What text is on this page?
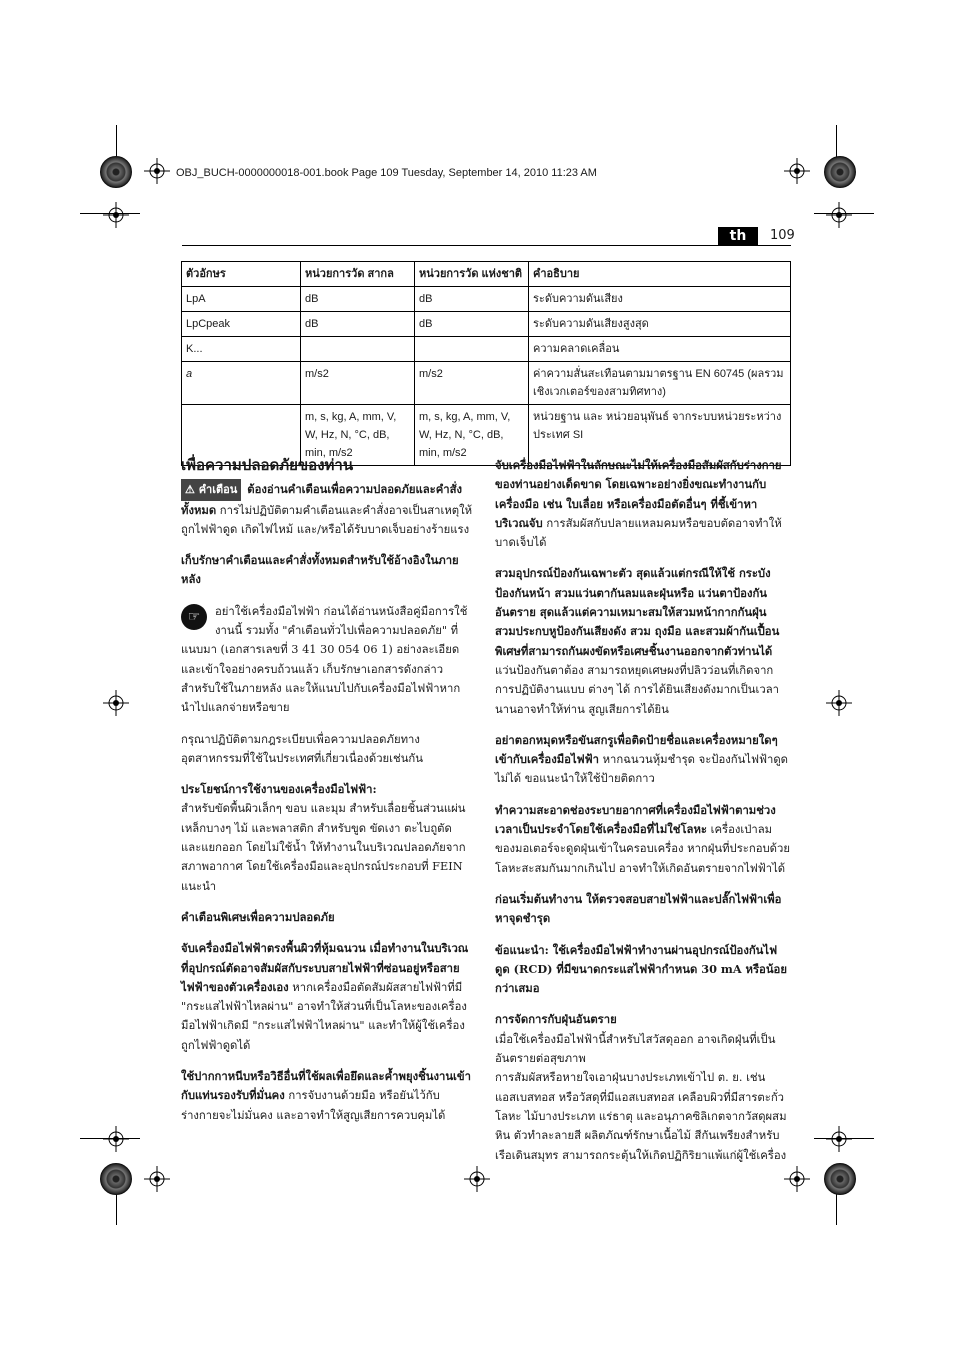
OBJ_BUCH-0000000018-001.book Page 109 Tuesday, September 14, 2010 11:23 AM
th	109
ตัวอักษร	หน่วยการวัด สากล	หน่วยการวัด แห่งชาติ	คำอธิบาย
LpA	dB	dB	ระดับความดันเสียง
LpCpeak	dB	dB	ระดับความดันเสียงสูงสุด
K...			ความคลาดเคลื่อน
a	m/s2	m/s2	ค่าความสั่นสะเทือนตามมาตรฐาน EN 60745 (ผลรวมเชิงเวกเตอร์ของสามทิศทาง)
	m, s, kg, A, mm, V, W, Hz, N, °C, dB, min, m/s2	m, s, kg, A, mm, V, W, Hz, N, °C, dB, min, m/s2	หน่วยฐาน และ หน่วยอนุพันธ์ จากระบบหน่วยระหว่างประเทศ SI
เพื่อความปลอดภัยของท่าน

⚠ คำเตือน ต้องอ่านคำเตือนเพื่อความปลอดภัยและคำสั่งทั้งหมด การไม่ปฏิบัติตามคำเตือนและคำสั่งอาจเป็นสาเหตุให้ถูกไฟฟ้าดูด เกิดไฟไหม้ และ/หรือได้รับบาดเจ็บอย่างร้ายแรง

เก็บรักษาคำเตือนและคำสั่งทั้งหมดสำหรับใช้อ้างอิงในภายหลัง

☞	อย่าใช้เครื่องมือไฟฟ้า ก่อนได้อ่านหนังสือคู่มือการใช้งานนี้ รวมทั้ง "คำเตือนทั่วไปเพื่อความปลอดภัย" ที่แนบมา (เอกสารเลขที่ 3 41 30 054 06 1) อย่างละเอียดและเข้าใจอย่างครบถ้วนแล้ว เก็บรักษาเอกสารดังกล่าวสำหรับใช้ในภายหลัง และให้แนบไปกับเครื่องมือไฟฟ้าหากนำไปแลกจ่ายหรือขาย

กรุณาปฏิบัติตามกฎระเบียบเพื่อความปลอดภัยทางอุตสาหกรรมที่ใช้ในประเทศที่เกี่ยวเนื่องด้วยเช่นกัน

ประโยชน์การใช้งานของเครื่องมือไฟฟ้า:

สำหรับขัดพื้นผิวเล็กๆ ขอบ และมุม สำหรับเลื่อยชิ้นส่วนแผ่นเหล็กบางๆ ไม้ และพลาสติก สำหรับขูด ขัดเงา ตะไบถูตัด และแยกออก โดยไม่ใช้น้ำ ให้ทำงานในบริเวณปลอดภัยจากสภาพอากาศ โดยใช้เครื่องมือและอุปกรณ์ประกอบที่ FEIN แนะนำ

คำเตือนพิเศษเพื่อความปลอดภัย

จับเครื่องมือไฟฟ้าตรงพื้นผิวที่หุ้มฉนวน เมื่อทำงานในบริเวณที่อุปกรณ์ตัดอาจสัมผัสกับระบบสายไฟฟ้าที่ซ่อนอยู่หรือสายไฟฟ้าของตัวเครื่องเอง หากเครื่องมือตัดสัมผัสสายไฟฟ้าที่มี "กระแสไฟฟ้าไหลผ่าน" อาจทำให้ส่วนที่เป็นโลหะของเครื่องมือไฟฟ้าเกิดมี "กระแสไฟฟ้าไหลผ่าน" และทำให้ผู้ใช้เครื่องถูกไฟฟ้าดูดได้

ใช้ปากกาหนีบหรือวิธีอื่นที่ใช้ผลเพื่อยึดและค้ำพยุงชิ้นงานเข้ากับแท่นรองรับที่มั่นคง การจับงานด้วยมือ หรือยันไว้กับร่างกายจะไม่มั่นคง และอาจทำให้สูญเสียการควบคุมได้

จับเครื่องมือไฟฟ้าในลักษณะไม่ให้เครื่องมือสัมผัสกับร่างกายของท่านอย่างเด็ดขาด โดยเฉพาะอย่างยิ่งขณะทำงานกับเครื่องมือ เช่น ใบเลื่อย หรือเครื่องมือตัดอื่นๆ ที่ชี้เข้าหาบริเวณจับ การสัมผัสกับปลายแหลมคมหรือขอบตัดอาจทำให้บาดเจ็บได้

สวมอุปกรณ์ป้องกันเฉพาะตัว สุดแล้วแต่กรณีให้ใช้ กระบังป้องกันหน้า สวมแว่นตากันลมและฝุ่นหรือ แว่นตาป้องกันอันตราย สุดแล้วแต่ความเหมาะสมให้สวมหน้ากากกันฝุ่น สวมประกบหูป้องกันเสียงดัง สวม ถุงมือ และสวมผ้ากันเปื้อนพิเศษที่สามารถกันผงขัดหรือเศษชิ้นงานออกจากตัวท่านได้ แว่นป้องกันตาต้อง สามารถหยุดเศษผงที่ปลิวว่อนที่เกิดจากการปฏิบัติงานแบบ ต่างๆ ได้ การได้ยินเสียงดังมากเป็นเวลานานอาจทำให้ท่าน สูญเสียการได้ยิน

อย่าตอกหมุดหรือขันสกรูเพื่อติดป้ายชื่อและเครื่องหมายใดๆ เข้ากับเครื่องมือไฟฟ้า หากฉนวนหุ้มชำรุด จะป้องกันไฟฟ้าดูดไม่ได้ ขอแนะนำให้ใช้ป้ายติดกาว

ทำความสะอาดช่องระบายอากาศที่เครื่องมือไฟฟ้าตามช่วงเวลาเป็นประจำโดยใช้เครื่องมือที่ไม่ใช่โลหะ เครื่องเป่าลมของมอเตอร์จะดูดฝุ่นเข้าในครอบเครื่อง หากฝุ่นที่ประกอบด้วยโลหะสะสมกันมากเกินไป อาจทำให้เกิดอันตรายจากไฟฟ้าได้

ก่อนเริ่มต้นทำงาน ให้ตรวจสอบสายไฟฟ้าและปลั๊กไฟฟ้าเพื่อหาจุดชำรุด

ข้อแนะนำ: ใช้เครื่องมือไฟฟ้าทำงานผ่านอุปกรณ์ป้องกันไฟดูด (RCD) ที่มีขนาดกระแสไฟฟ้ากำหนด 30 mA หรือน้อยกว่าเสมอ

การจัดการกับฝุ่นอันตราย

เมื่อใช้เครื่องมือไฟฟ้านี้สำหรับไสวัสดุออก อาจเกิดฝุ่นที่เป็นอันตรายต่อสุขภาพ

การสัมผัสหรือหายใจเอาฝุ่นบางประเภทเข้าไป ต. ย. เช่น แอสเบสทอส หรือวัสดุที่มีแอสเบสทอส เคลือบผิวที่มีสารตะกั่ว โลหะ ไม้บางประเภท แร่ธาตุ และอนุภาคซิลิเกตจากวัสดุผสมหิน ตัวทำละลายสี ผลิตภัณฑ์รักษาเนื้อไม้ สีกันเพรียงสำหรับเรือเดินสมุทร สามารถกระตุ้นให้เกิดปฏิกิริยาแพ้แก่ผู้ใช้เครื่อง
